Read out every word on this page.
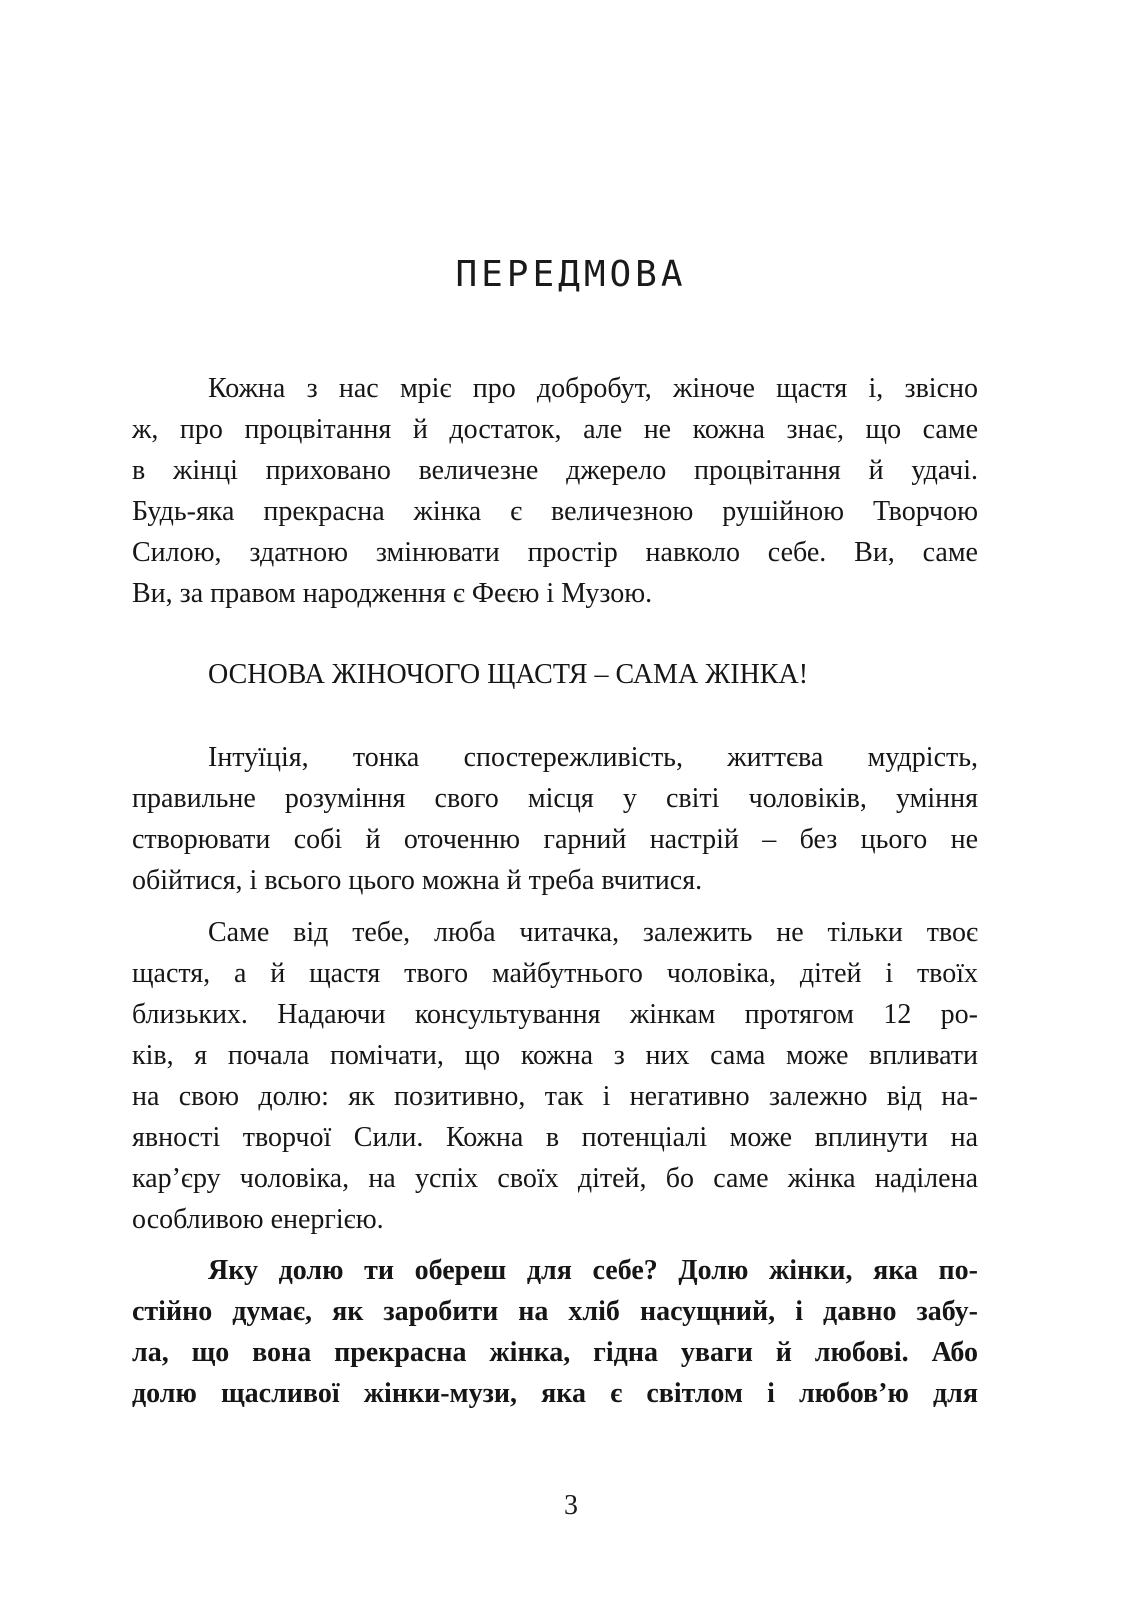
ПЕРЕДМОВА
Кожна з нас мріє про добробут, жіноче щастя і, звісно
ж, про процвітання й достаток, але не кожна знає, що саме
в жінці приховано величезне джерело процвітання й удачі.
Будь-яка прекрасна жінка є величезною рушійною Творчою
Силою, здатною змінювати простір навколо себе. Ви, саме
Ви, за правом народження є Феєю і Музою.
ОСНОВА ЖІНОЧОГО ЩАСТЯ – САМА ЖІНКА!
Інтуїція, тонка спостережливість, життєва мудрість,
правильне розуміння свого місця у світі чоловіків, уміння
створювати собі й оточенню гарний настрій – без цього не
обійтися, і всього цього можна й треба вчитися.
Саме від тебе, люба читачка, залежить не тільки твоє
щастя, а й щастя твого майбутнього чоловіка, дітей і твоїх
близьких. Надаючи консультування жінкам протягом 12 ро-
ків, я почала помічати, що кожна з них сама може впливати
на свою долю: як позитивно, так і негативно залежно від на-
явності творчої Сили. Кожна в потенціалі може вплинути на
кар’єру чоловіка, на успіх своїх дітей, бо саме жінка наділена
особливою енергією.
Яку долю ти обереш для себе? Долю жінки, яка по-
стійно думає, як заробити на хліб насущний, і давно забу-
ла, що вона прекрасна жінка, гідна уваги й любові. Або
долю щасливої жінки-музи, яка є світлом і любов’ю для
3
